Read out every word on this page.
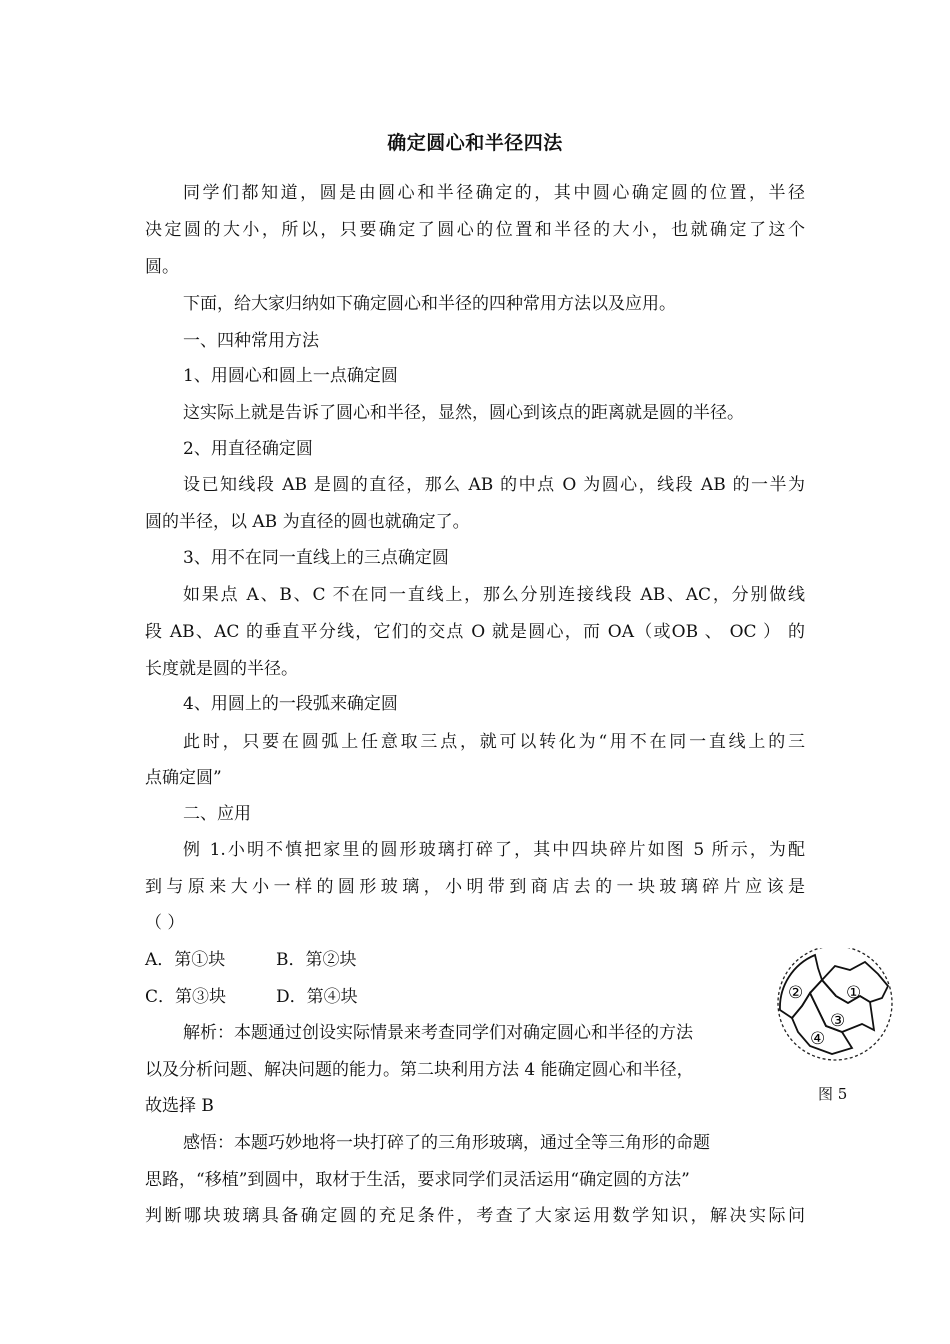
确定圆心和半径四法
同学们都知道，圆是由圆心和半径确定的，其中圆心确定圆的位置，半径
决定圆的大小，所以，只要确定了圆心的位置和半径的大小，也就确定了这个
圆。
下面，给大家归纳如下确定圆心和半径的四种常用方法以及应用。
一、四种常用方法
1、用圆心和圆上一点确定圆
这实际上就是告诉了圆心和半径，显然，圆心到该点的距离就是圆的半径。
2、用直径确定圆
设已知线段 AB 是圆的直径，那么 AB 的中点 O 为圆心，线段 AB 的一半为
圆的半径，以 AB 为直径的圆也就确定了。
3、用不在同一直线上的三点确定圆
如果点 A、B、C 不在同一直线上，那么分别连接线段 AB、AC，分别做线
段 AB、AC 的垂直平分线，它们的交点 O 就是圆心，而 OA（或OB 、 OC ） 的
长度就是圆的半径。
4、用圆上的一段弧来确定圆
此时，只要在圆弧上任意取三点，就可以转化为“用不在同一直线上的三
点确定圆”
二、应用
例 1.小明不慎把家里的圆形玻璃打碎了，其中四块碎片如图 5 所示，为配
到与原来大小一样的圆形玻璃，小明带到商店去的一块玻璃碎片应该是
（ ）
A．第①块	B．第②块
C．第③块	D．第④块
解析：本题通过创设实际情景来考查同学们对确定圆心和半径的方法
以及分析问题、解决问题的能力。第二块利用方法 4 能确定圆心和半径，
故选择 B
感悟：本题巧妙地将一块打碎了的三角形玻璃，通过全等三角形的命题
思路，“移植”到圆中，取材于生活，要求同学们灵活运用“确定圆的方法”
判断哪块玻璃具备确定圆的充足条件，考查了大家运用数学知识，解决实际问
②	①
③
④
图 5
